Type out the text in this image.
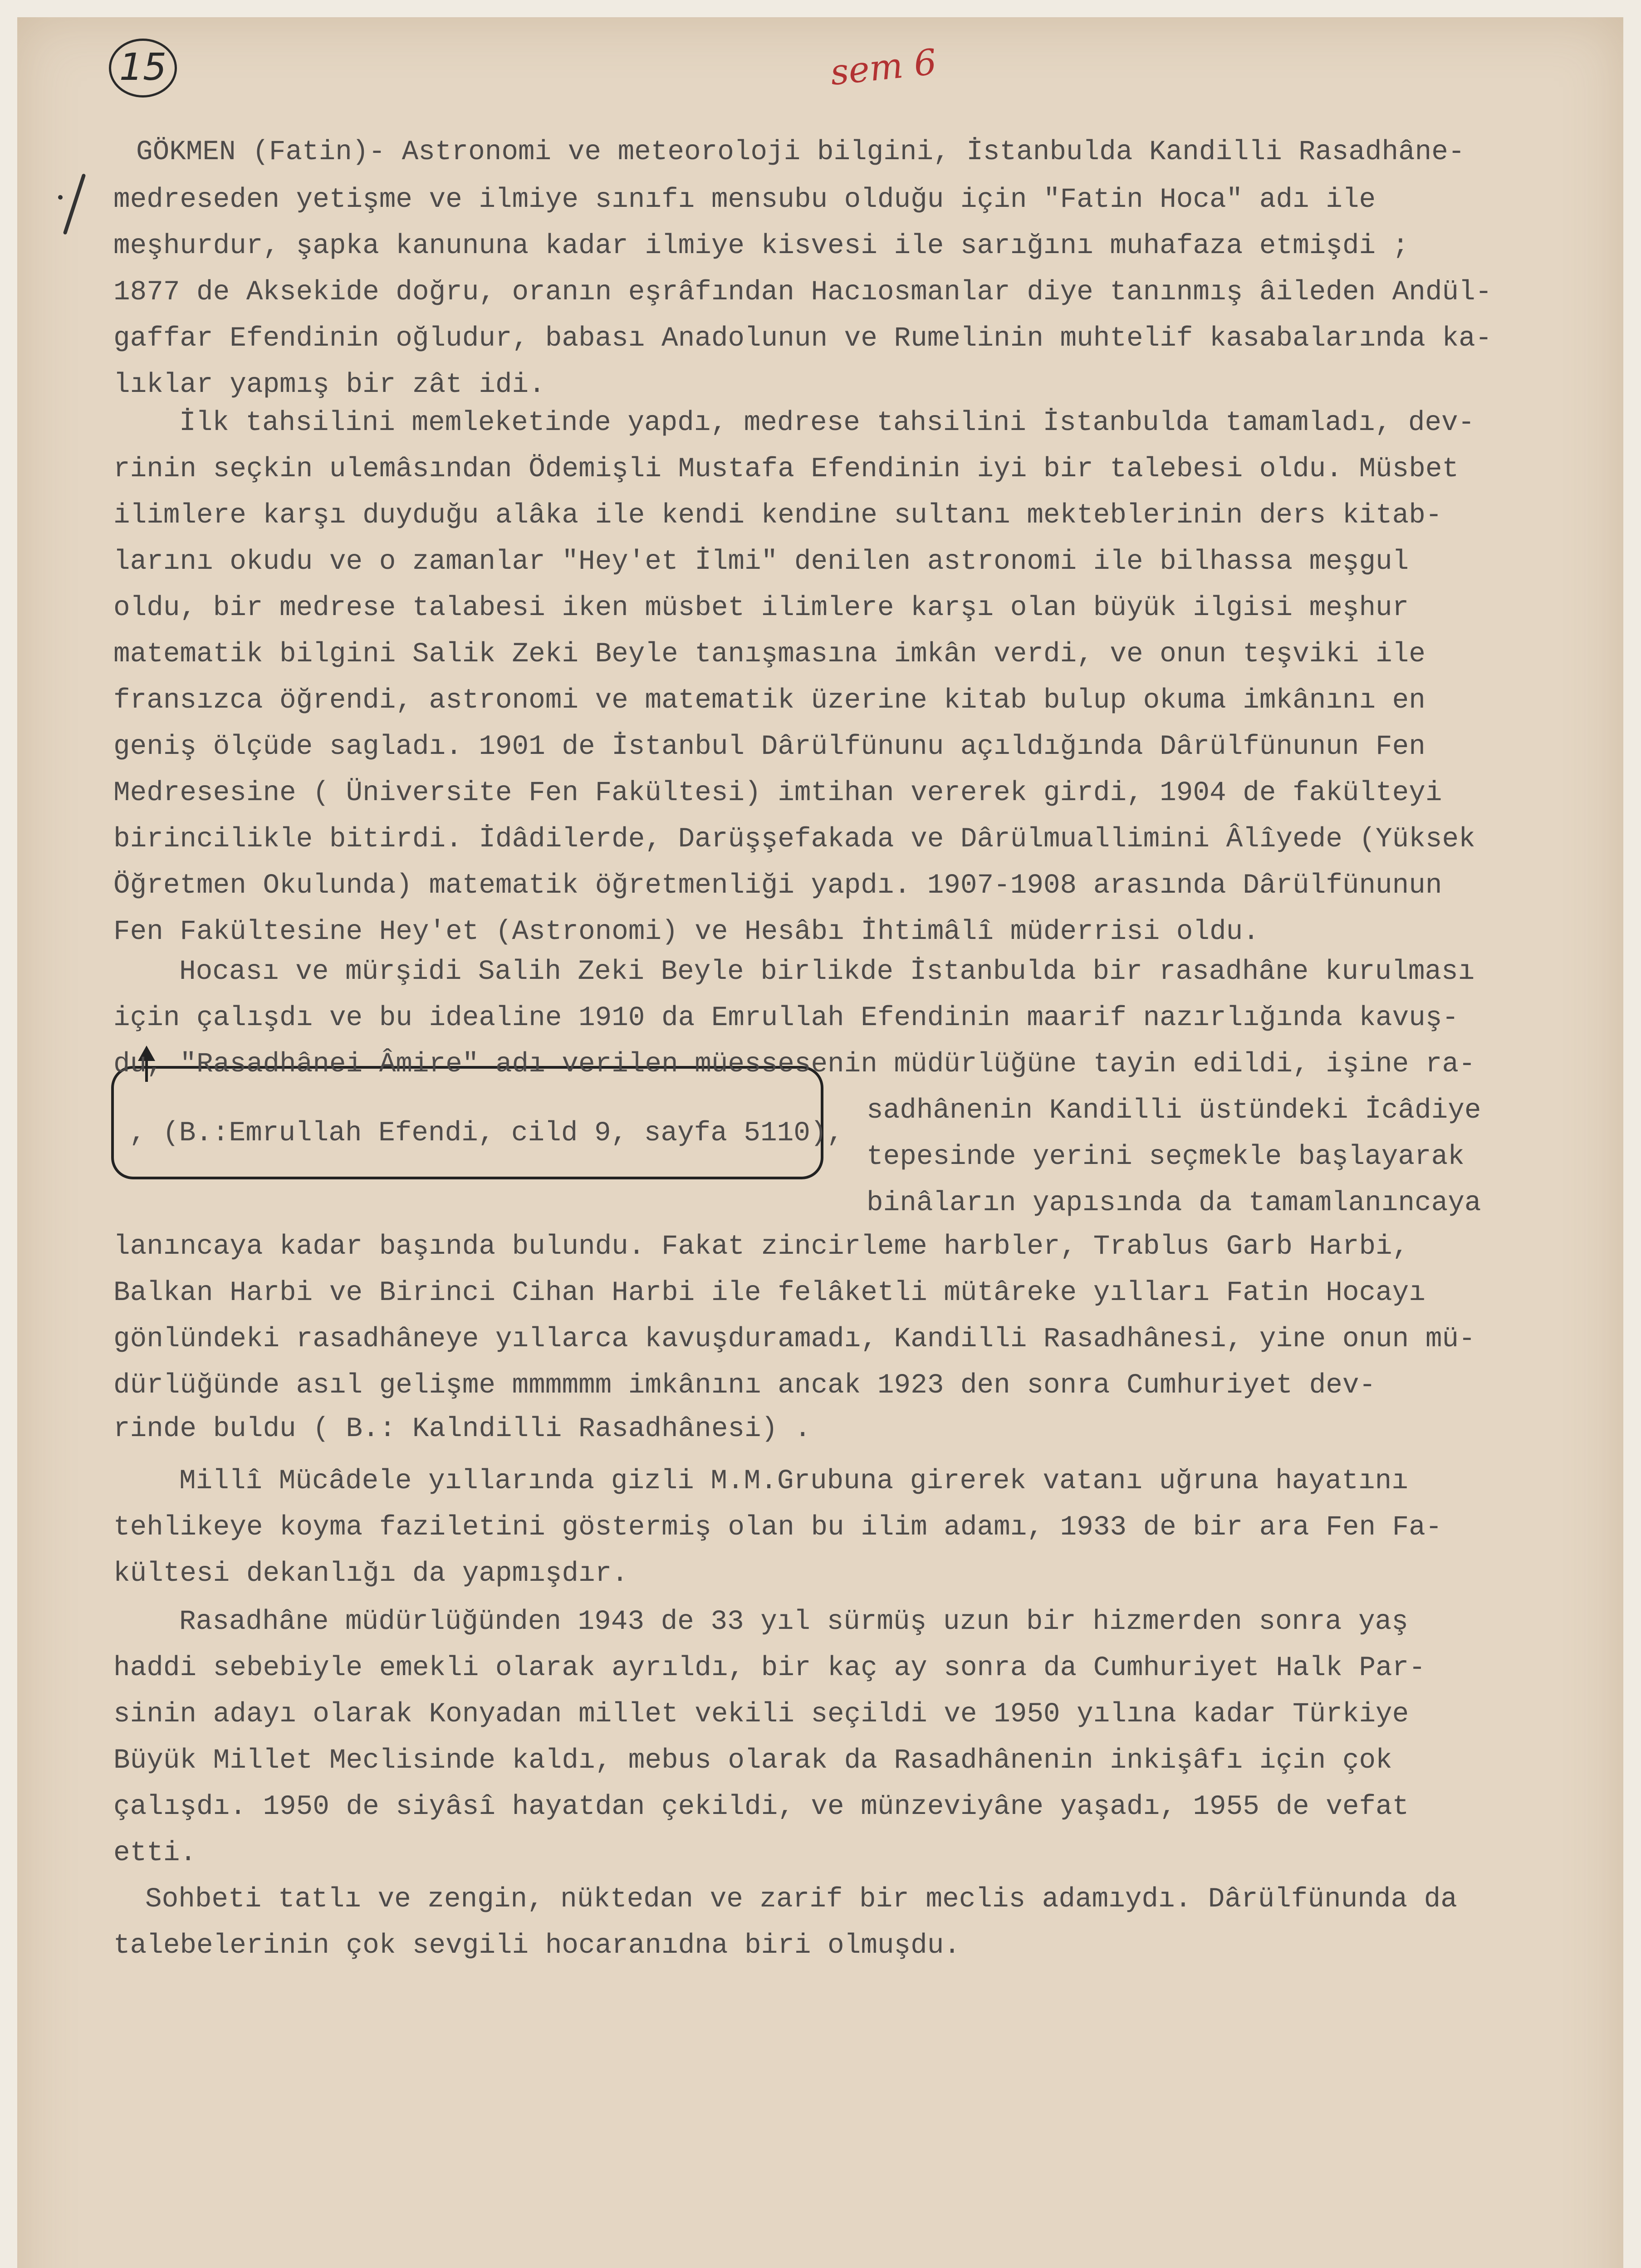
15	sem 6
, (B.:Emrullah Efendi, cild 9, sayfa 5110),
GÖKMEN (Fatin)- Astronomi ve meteoroloji bilgini, İstanbulda Kandilli Rasadhâne-
medreseden yetişme ve ilmiye sınıfı mensubu olduğu için "Fatin Hoca" adı ile
meşhurdur, şapka kanununa kadar ilmiye kisvesi ile sarığını muhafaza etmişdi ;
1877 de Aksekide doğru, oranın eşrâfından Hacıosmanlar diye tanınmış âileden Andül-
gaffar Efendinin oğludur, babası Anadolunun ve Rumelinin muhtelif kasabalarında ka-
lıklar yapmış bir zât idi.
İlk tahsilini memleketinde yapdı, medrese tahsilini İstanbulda tamamladı, dev-
rinin seçkin ulemâsından Ödemişli Mustafa Efendinin iyi bir talebesi oldu. Müsbet
ilimlere karşı duyduğu alâka ile kendi kendine sultanı mekteblerinin ders kitab-
larını okudu ve o zamanlar "Hey'et İlmi" denilen astronomi ile bilhassa meşgul
oldu, bir medrese talabesi iken müsbet ilimlere karşı olan büyük ilgisi meşhur
matematik bilgini Salik Zeki Beyle tanışmasına imkân verdi, ve onun teşviki ile
fransızca öğrendi, astronomi ve matematik üzerine kitab bulup okuma imkânını en
geniş ölçüde sagladı. 1901 de İstanbul Dârülfünunu açıldığında Dârülfünunun Fen
Medresesine ( Üniversite Fen Fakültesi) imtihan vererek girdi, 1904 de fakülteyi
birincilikle bitirdi. İdâdilerde, Darüşşefakada ve Dârülmuallimini Âlîyede (Yüksek
Öğretmen Okulunda) matematik öğretmenliği yapdı. 1907-1908 arasında Dârülfünunun
Fen Fakültesine Hey'et (Astronomi) ve Hesâbı İhtimâlî müderrisi oldu.
Hocası ve mürşidi Salih Zeki Beyle birlikde İstanbulda bir rasadhâne kurulması
için çalışdı ve bu idealine 1910 da Emrullah Efendinin maarif nazırlığında kavuş-
du, "Rasadhânei Âmire" adı verilen müessesenin müdürlüğüne tayin edildi, işine ra-
sadhânenin Kandilli üstündeki İcâdiye
tepesinde yerini seçmekle başlayarak
binâların yapısında da tamamlanıncaya
lanıncaya kadar başında bulundu. Fakat zincirleme harbler, Trablus Garb Harbi,
Balkan Harbi ve Birinci Cihan Harbi ile felâketli mütâreke yılları Fatin Hocayı
gönlündeki rasadhâneye yıllarca kavuşduramadı, Kandilli Rasadhânesi, yine onun mü-
dürlüğünde asıl gelişme mmmmmm imkânını ancak 1923 den sonra Cumhuriyet dev-
rinde buldu ( B.: Kalndilli Rasadhânesi) .
Millî Mücâdele yıllarında gizli M.M.Grubuna girerek vatanı uğruna hayatını
tehlikeye koyma faziletini göstermiş olan bu ilim adamı, 1933 de bir ara Fen Fa-
kültesi dekanlığı da yapmışdır.
Rasadhâne müdürlüğünden 1943 de 33 yıl sürmüş uzun bir hizmerden sonra yaş
haddi sebebiyle emekli olarak ayrıldı, bir kaç ay sonra da Cumhuriyet Halk Par-
sinin adayı olarak Konyadan millet vekili seçildi ve 1950 yılına kadar Türkiye
Büyük Millet Meclisinde kaldı, mebus olarak da Rasadhânenin inkişâfı için çok
çalışdı. 1950 de siyâsî hayatdan çekildi, ve münzeviyâne yaşadı, 1955 de vefat
etti.
Sohbeti tatlı ve zengin, nüktedan ve zarif bir meclis adamıydı. Dârülfünunda da
talebelerinin çok sevgili hocaranıdna biri olmuşdu.
